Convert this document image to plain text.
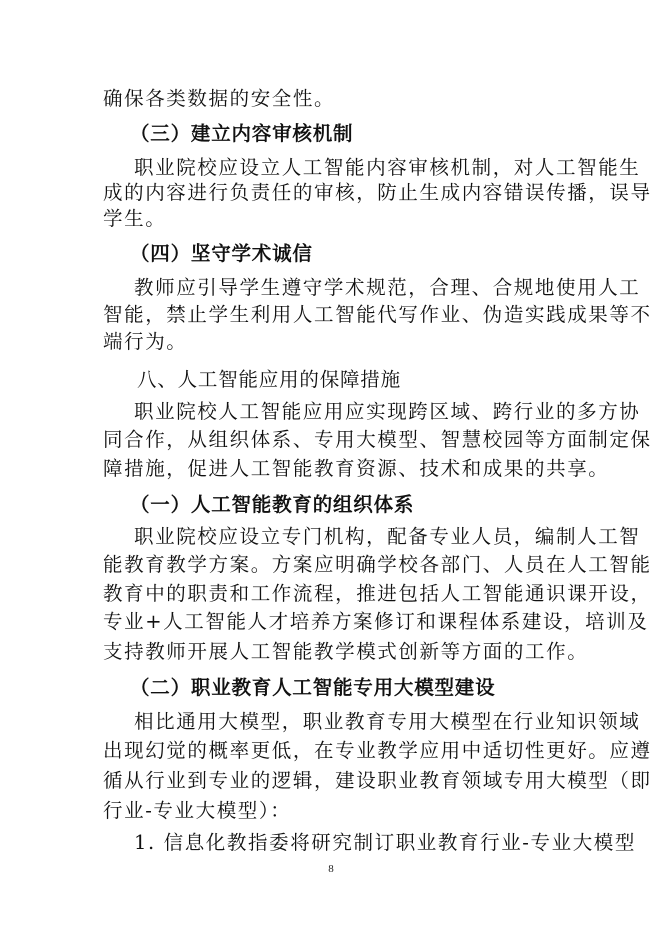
确保各类数据的安全性。
（三）建立内容审核机制
职业院校应设立人工智能内容审核机制，对人工智能生
成的内容进行负责任的审核，防止生成内容错误传播，误导
学生。
（四）坚守学术诚信
教师应引导学生遵守学术规范，合理、合规地使用人工
智能，禁止学生利用人工智能代写作业、伪造实践成果等不
端行为。
八、人工智能应用的保障措施
职业院校人工智能应用应实现跨区域、跨行业的多方协
同合作，从组织体系、专用大模型、智慧校园等方面制定保
障措施，促进人工智能教育资源、技术和成果的共享。
（一）人工智能教育的组织体系
职业院校应设立专门机构，配备专业人员，编制人工智
能教育教学方案。方案应明确学校各部门、人员在人工智能
教育中的职责和工作流程，推进包括人工智能通识课开设，
专业+人工智能人才培养方案修订和课程体系建设，培训及
支持教师开展人工智能教学模式创新等方面的工作。
（二）职业教育人工智能专用大模型建设
相比通用大模型，职业教育专用大模型在行业知识领域
出现幻觉的概率更低，在专业教学应用中适切性更好。应遵
循从行业到专业的逻辑，建设职业教育领域专用大模型（即
行业-专业大模型）：
1. 信息化教指委将研究制订职业教育行业-专业大模型
8
